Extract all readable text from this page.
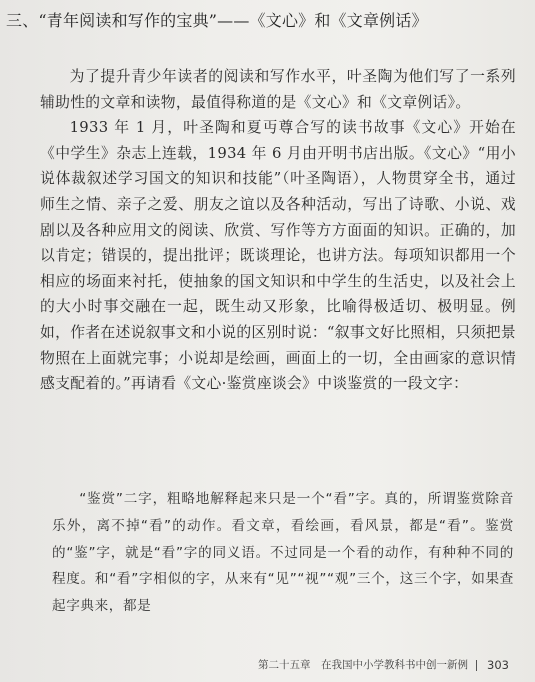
三、“青年阅读和写作的宝典”——《文心》和《文章例话》

为了提升青少年读者的阅读和写作水平，叶圣陶为他们写了一系列辅助性的文章和读物，最值得称道的是《文心》和《文章例话》。

1933 年 1 月，叶圣陶和夏丏尊合写的读书故事《文心》开始在《中学生》杂志上连载，1934 年 6 月由开明书店出版。《文心》“用小说体裁叙述学习国文的知识和技能”（叶圣陶语），人物贯穿全书，通过师生之情、亲子之爱、朋友之谊以及各种活动，写出了诗歌、小说、戏剧以及各种应用文的阅读、欣赏、写作等方方面面的知识。正确的，加以肯定；错误的，提出批评；既谈理论，也讲方法。每项知识都用一个相应的场面来衬托，使抽象的国文知识和中学生的生活史，以及社会上的大小时事交融在一起，既生动又形象，比喻得极适切、极明显。例如，作者在述说叙事文和小说的区别时说：“叙事文好比照相，只须把景物照在上面就完事；小说却是绘画，画面上的一切，全由画家的意识情感支配着的。”再请看《文心·鉴赏座谈会》中谈鉴赏的一段文字：

“鉴赏”二字，粗略地解释起来只是一个“看”字。真的，所谓鉴赏除音乐外，离不掉“看”的动作。看文章，看绘画，看风景，都是“看”。鉴赏的“鉴”字，就是“看”字的同义语。不过同是一个看的动作，有种种不同的程度。和“看”字相似的字，从来有“见”“视”“观”三个，这三个字，如果查起字典来，都是

第二十五章　在我国中小学教科书中创一新例 303
